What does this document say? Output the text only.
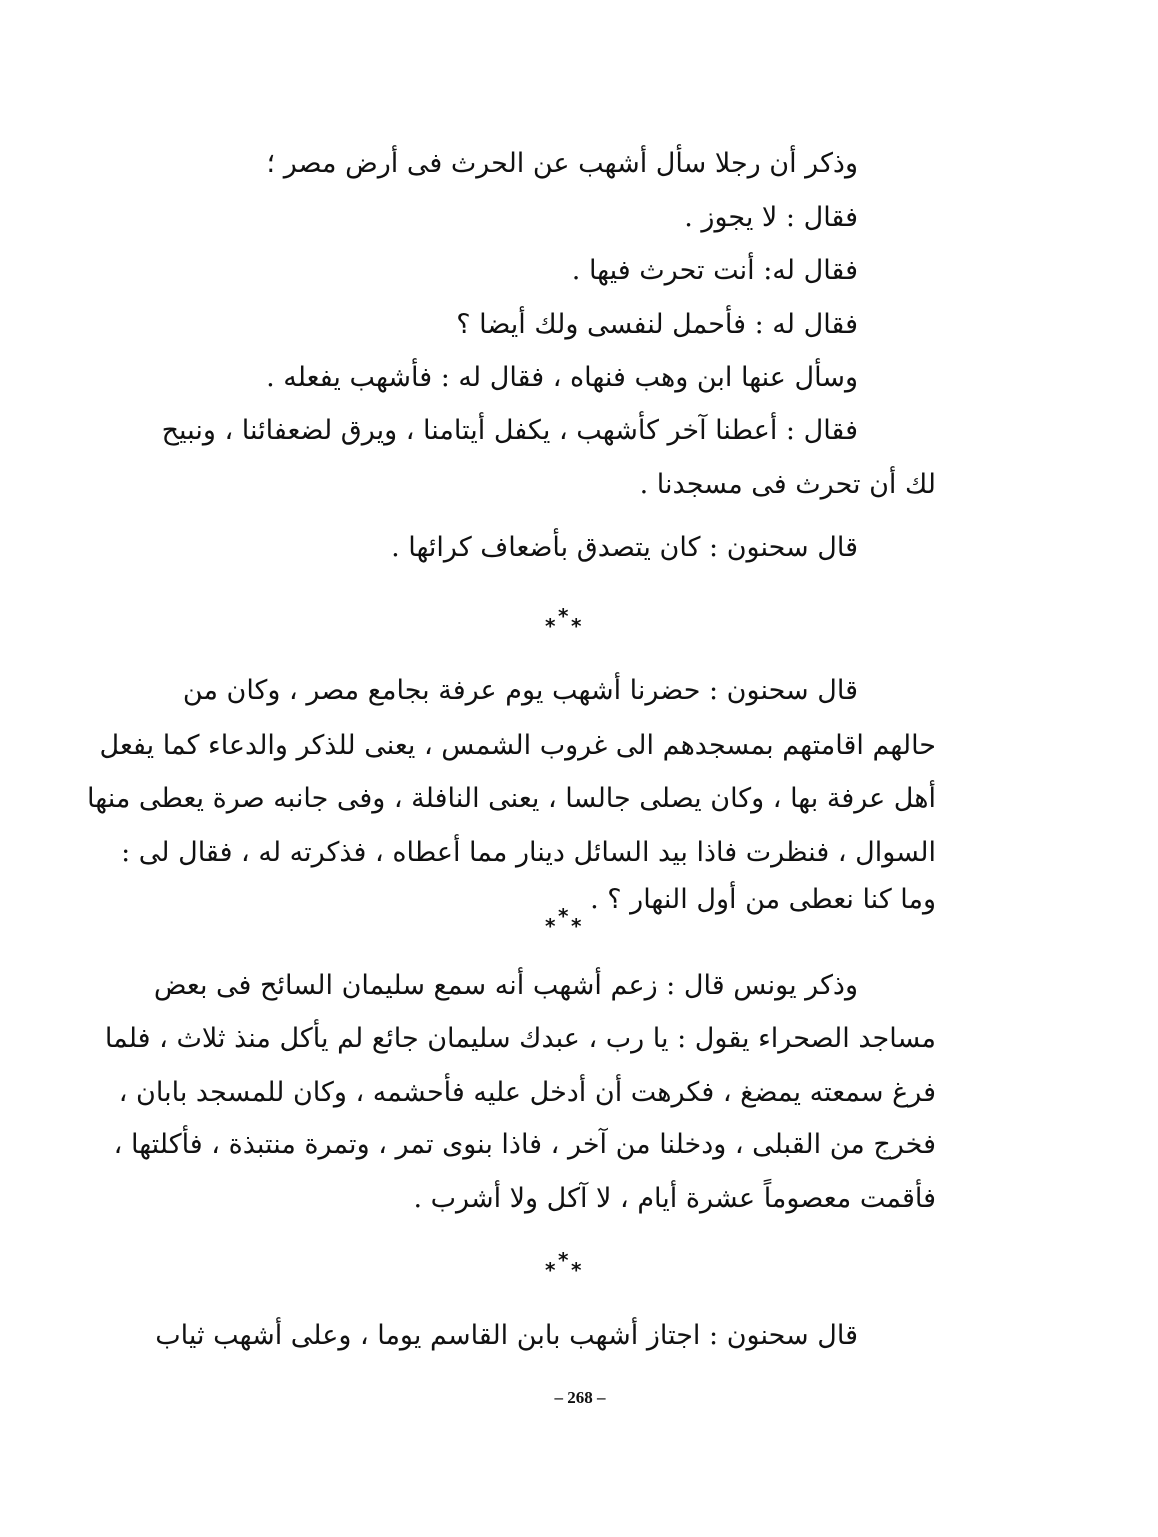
وذكر أن رجلا سأل أشهب عن الحرث فى أرض مصر ؛
فقال : لا يجوز .
فقال له: أنت تحرث فيها .
فقال له : فأحمل لنفسى ولك أيضا ؟
وسأل عنها ابن وهب فنهاه ، فقال له : فأشهب يفعله .
فقال : أعطنا آخر كأشهب ، يكفل أيتامنا ، ويرق لضعفائنا ، ونبيح
لك أن تحرث فى مسجدنا .
قال سحنون : كان يتصدق بأضعاف كرائها .
* * *
قال سحنون : حضرنا أشهب يوم عرفة بجامع مصر ، وكان من
حالهم اقامتهم بمسجدهم الى غروب الشمس ، يعنى للذكر والدعاء كما يفعل
أهل عرفة بها ، وكان يصلى جالسا ، يعنى النافلة ، وفى جانبه صرة يعطى منها
السوال ، فنظرت فاذا بيد السائل دينار مما أعطاه ، فذكرته له ، فقال لى :
وما كنا نعطى من أول النهار ؟ .
* * *
وذكر يونس قال : زعم أشهب أنه سمع سليمان السائح فى بعض
مساجد الصحراء يقول : يا رب ، عبدك سليمان جائع لم يأكل منذ ثلاث ، فلما
فرغ سمعته يمضغ ، فكرهت أن أدخل عليه فأحشمه ، وكان للمسجد بابان ،
فخرج من القبلى ، ودخلنا من آخر ، فاذا بنوى تمر ، وتمرة منتبذة ، فأكلتها ،
فأقمت معصوماً عشرة أيام ، لا آكل ولا أشرب .
* * *
قال سحنون : اجتاز أشهب بابن القاسم يوما ، وعلى أشهب ثياب
– 268 –
